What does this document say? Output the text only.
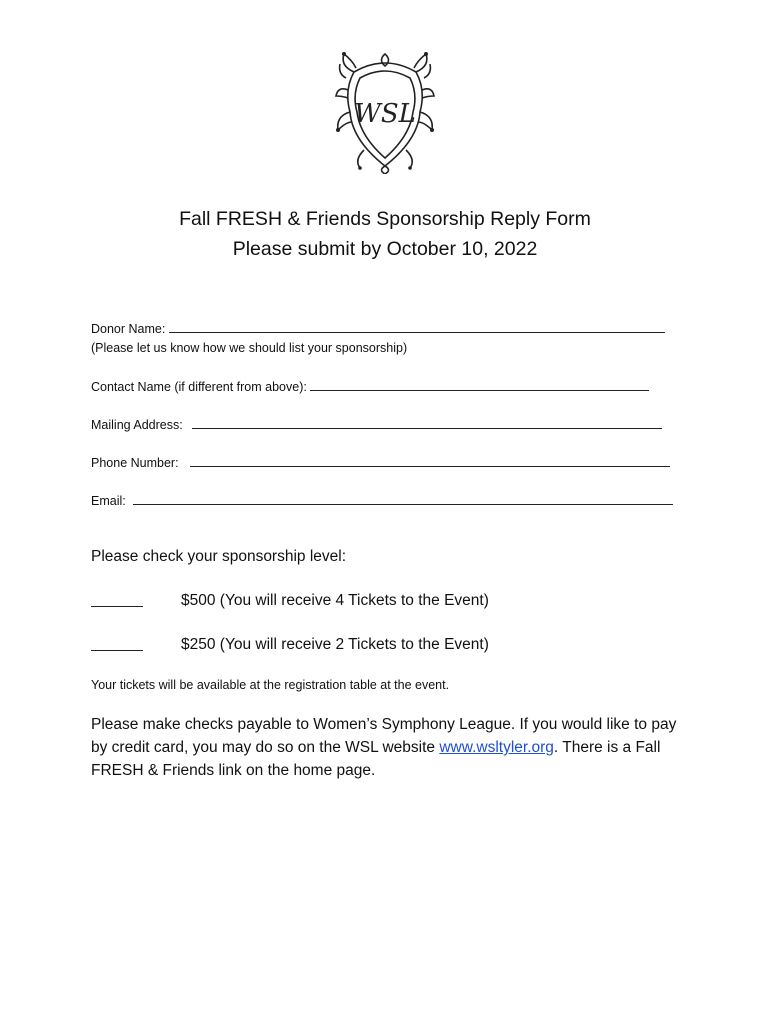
WSL
Fall FRESH & Friends Sponsorship Reply Form
Please submit by October 10, 2022
Donor Name:
(Please let us know how we should list your sponsorship)
Contact Name (if different from above):
Mailing Address:
Phone Number:
Email:
Please check your sponsorship level:
$500 (You will receive 4 Tickets to the Event)
$250 (You will receive 2 Tickets to the Event)
Your tickets will be available at the registration table at the event.
Please make checks payable to Women’s Symphony League. If you would like to pay by credit card, you may do so on the WSL website www.wsltyler.org. There is a Fall FRESH & Friends link on the home page.
